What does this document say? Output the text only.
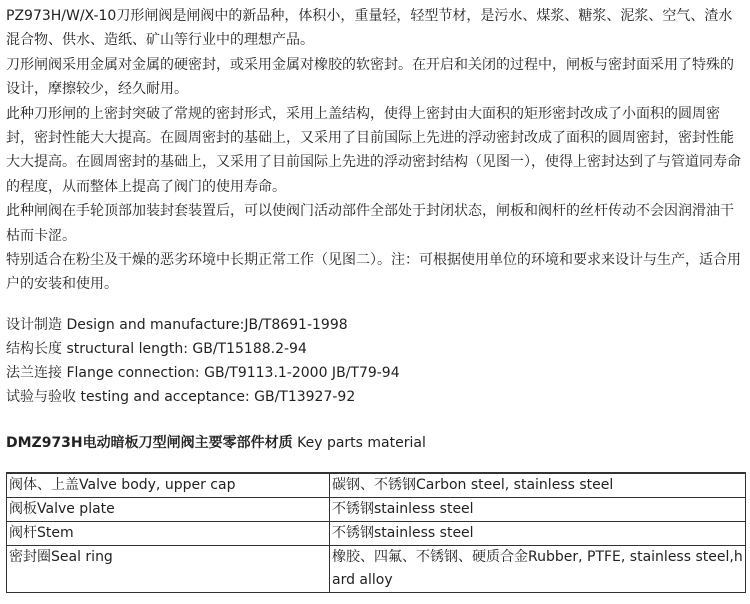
PZ973H/W/X-10刀形闸阀是闸阀中的新品种，体积小，重量轻，轻型节材，是污水、煤浆、糖浆、泥浆、空气、渣水混合物、供水、造纸、矿山等行业中的理想产品。

刀形闸阀采用金属对金属的硬密封，或采用金属对橡胶的软密封。在开启和关闭的过程中，闸板与密封面采用了特殊的设计，摩擦较少，经久耐用。

此种刀形闸的上密封突破了常规的密封形式，采用上盖结构，使得上密封由大面积的矩形密封改成了小面积的圆周密封，密封性能大大提高。在圆周密封的基础上，又采用了目前国际上先进的浮动密封改成了面积的圆周密封，密封性能大大提高。在圆周密封的基础上，又采用了目前国际上先进的浮动密封结构（见图一），使得上密封达到了与管道同寿命的程度，从而整体上提高了阀门的使用寿命。

此种闸阀在手轮顶部加装封套装置后，可以使阀门活动部件全部处于封闭状态，闸板和阀杆的丝杆传动不会因润滑油干枯而卡涩。

特别适合在粉尘及干燥的恶劣环境中长期正常工作（见图二）。注：可根据使用单位的环境和要求来设计与生产，适合用户的安装和使用。

设计制造 Design and manufacture:JB/T8691-1998

结构长度 structural length: GB/T15188.2-94

法兰连接 Flange connection: GB/T9113.1-2000 JB/T79-94

试验与验收 testing and acceptance: GB/T13927-92

DMZ973H电动暗板刀型闸阀主要零部件材质 Key parts material
阀体、上盖Valve body, upper cap	碳钢、不锈钢Carbon steel, stainless steel
阀板Valve plate	不锈钢stainless steel
阀杆Stem	不锈钢stainless steel
密封圈Seal ring	橡胶、四氟、不锈钢、硬质合金Rubber, PTFE, stainless steel,hard alloy
